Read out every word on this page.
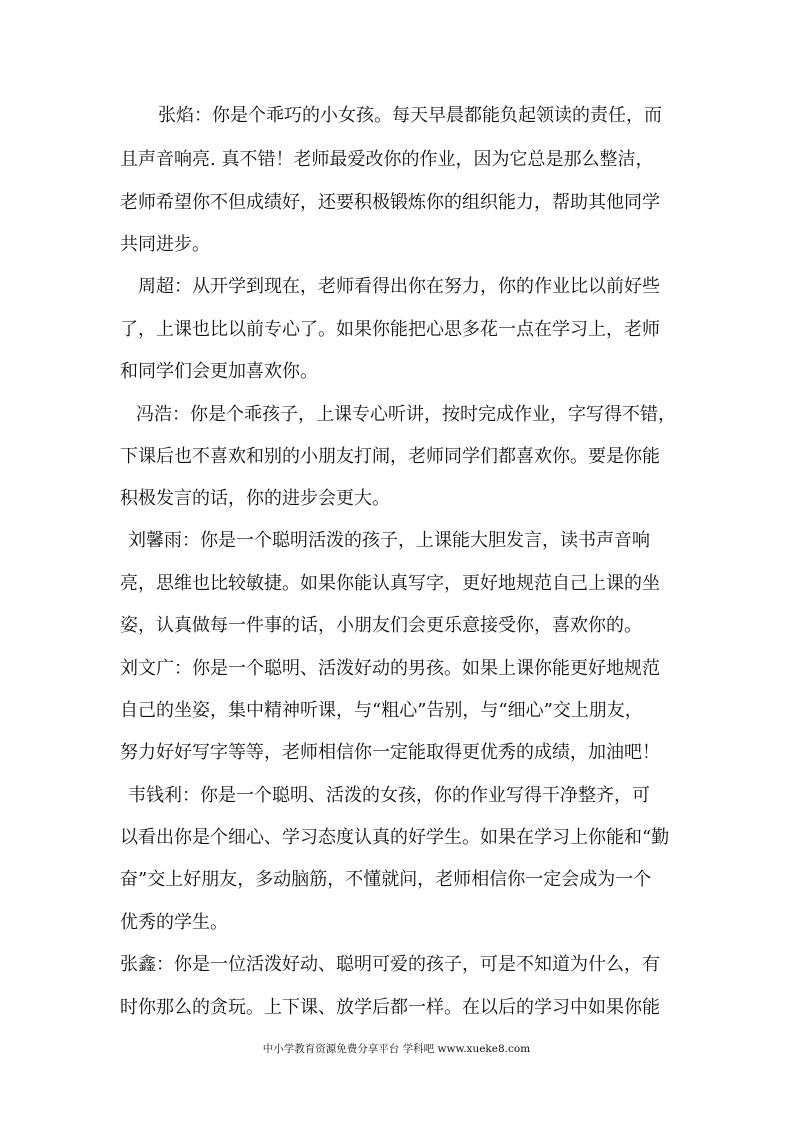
张焰：你是个乖巧的小女孩。每天早晨都能负起领读的责任，而
且声音响亮. 真不错！老师最爱改你的作业，因为它总是那么整洁，
老师希望你不但成绩好，还要积极锻炼你的组织能力，帮助其他同学
共同进步。
周超：从开学到现在，老师看得出你在努力，你的作业比以前好些
了，上课也比以前专心了。如果你能把心思多花一点在学习上，老师
和同学们会更加喜欢你。
冯浩：你是个乖孩子，上课专心听讲，按时完成作业，字写得不错，
下课后也不喜欢和别的小朋友打闹，老师同学们都喜欢你。要是你能
积极发言的话，你的进步会更大。
刘馨雨：你是一个聪明活泼的孩子，上课能大胆发言，读书声音响
亮，思维也比较敏捷。如果你能认真写字，更好地规范自己上课的坐
姿，认真做每一件事的话，小朋友们会更乐意接受你，喜欢你的。
刘文广：你是一个聪明、活泼好动的男孩。如果上课你能更好地规范
自己的坐姿，集中精神听课，与“粗心”告别，与“细心”交上朋友，
努力好好写字等等，老师相信你一定能取得更优秀的成绩，加油吧！
韦钱利：你是一个聪明、活泼的女孩，你的作业写得干净整齐，可
以看出你是个细心、学习态度认真的好学生。如果在学习上你能和“勤
奋”交上好朋友，多动脑筋，不懂就问，老师相信你一定会成为一个
优秀的学生。
张鑫：你是一位活泼好动、聪明可爱的孩子，可是不知道为什么，有
时你那么的贪玩。上下课、放学后都一样。在以后的学习中如果你能
中小学教育资源免费分享平台 学科吧 www.xueke8.com
